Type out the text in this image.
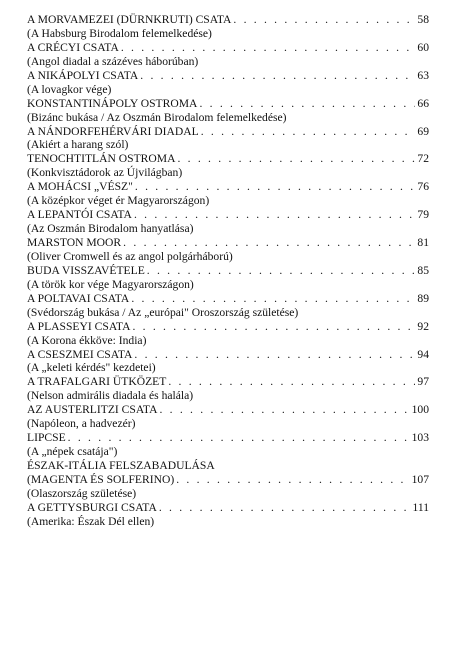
A MORVAMEZEI (DÜRNKRUTI) CSATA . . .	58
(A Habsburg Birodalom felemelkedése)
A CRÉCYI CSATA . . .	60
(Angol diadal a százéves háborúban)
A NIKÁPOLYI CSATA . . .	63
(A lovagkor vége)
KONSTANTINÁPOLY OSTROMA . . .	66
(Bizánc bukása / Az Oszmán Birodalom felemelkedése)
A NÁNDORFEHÉRVÁRI DIADAL . . .	69
(Akiért a harang szól)
TENOCHTITLÁN OSTROMA . . .	72
(Konkvisztádorok az Újvilágban)
A MOHÁCSI „VÉSZ" . . .	76
(A középkor véget ér Magyarországon)
A LEPANTÓI CSATA . . .	79
(Az Oszmán Birodalom hanyatlása)
MARSTON MOOR . . .	81
(Oliver Cromwell és az angol polgárháború)
BUDA VISSZAVÉTELE . . .	85
(A török kor vége Magyarországon)
A POLTAVAI CSATA . . .	89
(Svédország bukása / Az „európai" Oroszország születése)
A PLASSEYI CSATA . . .	92
(A Korona ékköve: India)
A CSESZMEI CSATA . . .	94
(A „keleti kérdés" kezdetei)
A TRAFALGARI ÜTKÖZET . . .	97
(Nelson admirális diadala és halála)
AZ AUSTERLITZI CSATA . . .	100
(Napóleon, a hadvezér)
LIPCSE . . .	103
(A „népek csatája")
ÉSZAK-ITÁLIA FELSZABADULÁSA
(MAGENTA ÉS SOLFERINO) . . .	107
(Olaszország születése)
A GETTYSBURGI CSATA . . .	111
(Amerika: Észak Dél ellen)
